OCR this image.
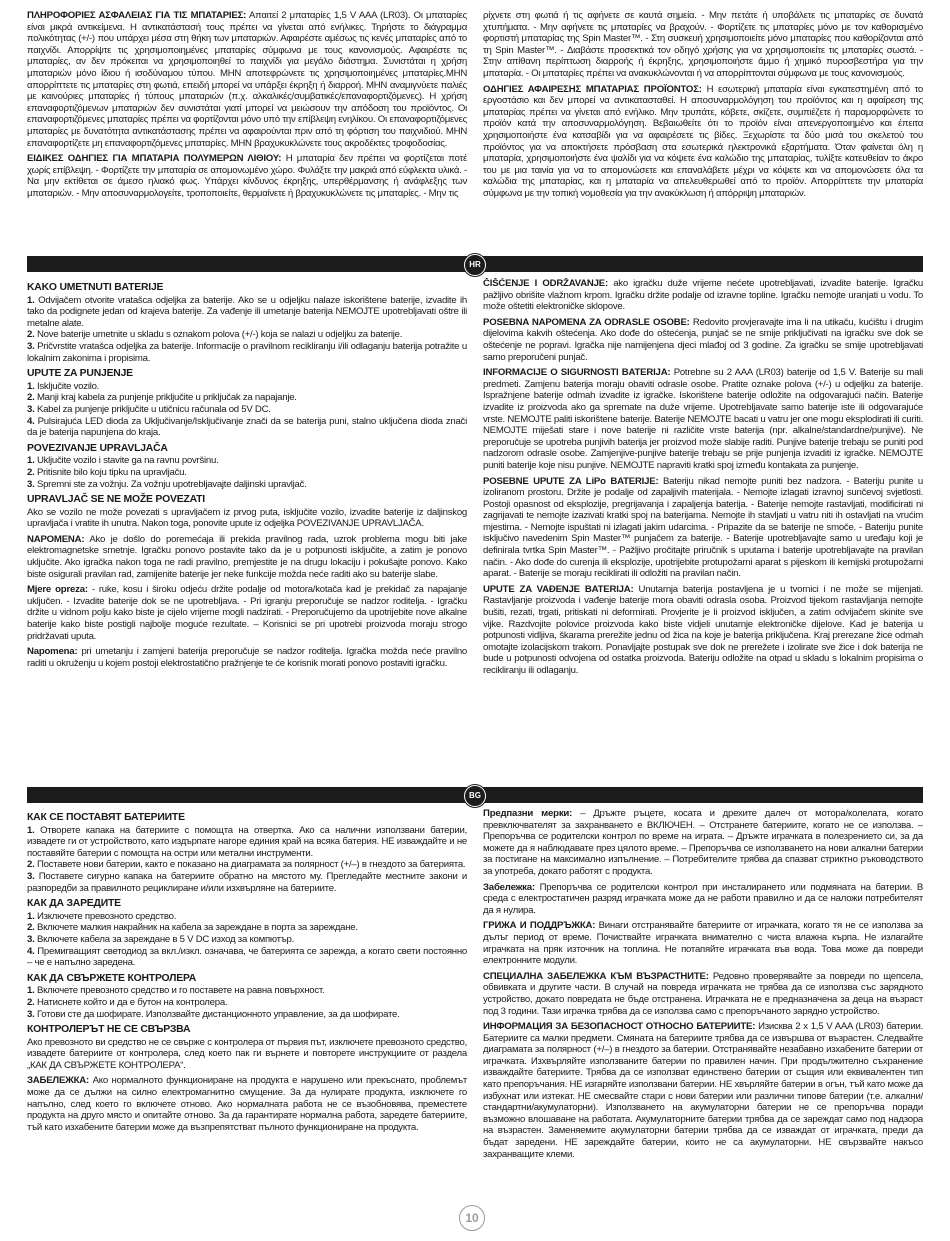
ΠΛΗΡΟΦΟΡΙΕΣ ΑΣΦΑΛΕΙΑΣ ΓΙΑ ΤΙΣ ΜΠΑΤΑΡΙΕΣ: Απαιτεί 2 μπαταρίες 1,5 V AAA (LR03). Οι μπαταρίες είναι μικρά αντικείμενα. Η αντικατάστασή τους πρέπει να γίνεται από ενήλικες. Τηρήστε το διάγραμμα πολικότητας (+/-) που υπάρχει μέσα στη θήκη των μπαταριών. Αφαιρέστε αμέσως τις κενές μπαταρίες από το παιχνίδι. Απορρίψτε τις χρησιμοποιημένες μπαταρίες σύμφωνα με τους κανονισμούς. Αφαιρέστε τις μπαταρίες, αν δεν πρόκειται να χρησιμοποιηθεί το παιχνίδι για μεγάλο διάστημα. Συνιστάται η χρήση μπαταριών μόνο ίδιου ή ισοδύναμου τύπου. ΜΗΝ αποτεφρώνετε τις χρησιμοποιημένες μπαταρίες.ΜΗΝ απορρίπτετε τις μπαταρίες στη φωτιά, επειδή μπορεί να υπάρξει έκρηξη ή διαρροή. ΜΗΝ αναμιγνύετε παλιές με καινούριες μπαταρίες ή τύπους μπαταριών (π.χ. αλκαλικές/συμβατικές/επαναφορτιζόμενες). Η χρήση επαναφορτιζόμενων μπαταριών δεν συνιστάται γιατί μπορεί να μειώσουν την απόδοση του προϊόντος. Οι επαναφορτιζόμενες μπαταρίες πρέπει να φορτίζονται μόνο υπό την επίβλεψη ενηλίκου. Οι επαναφορτιζόμενες μπαταρίες με δυνατότητα αντικατάστασης πρέπει να αφαιρούνται πριν από τη φόρτιση του παιχνιδιού. ΜΗΝ επαναφορτίζετε μη επαναφορτιζόμενες μπαταρίες. ΜΗΝ βραχυκυκλώνετε τους ακροδέκτες τροφοδοσίας.

ΕΙΔΙΚΕΣ ΟΔΗΓΙΕΣ ΓΙΑ ΜΠΑΤΑΡΙΑ ΠΟΛΥΜΕΡΩΝ ΛΙΘΙΟΥ: Η μπαταρία δεν πρέπει να φορτίζεται ποτέ χωρίς επίβλεψη. - Φορτίζετε την μπαταρία σε απομονωμένο χώρο. Φυλάξτε την μακριά από εύφλεκτα υλικά. - Να μην εκτίθεται σε άμεσο ηλιακό φως. Υπάρχει κίνδυνος έκρηξης, υπερθέρμανσης ή ανάφλεξης των μπαταριών. - Μην αποσυναρμολογείτε, τροποποιείτε, θερμαίνετε ή βραχυκυκλώνετε τις μπαταρίες. - Μην τις

ρίχνετε στη φωτιά ή τις αφήνετε σε καυτά σημεία. - Μην πετάτε ή υποβάλετε τις μπαταρίες σε δυνατά χτυπήματα. - Μην αφήνετε τις μπαταρίες να βραχούν. - Φορτίζετε τις μπαταρίες μόνο με τον καθορισμένο φορτιστή μπαταρίας της Spin Master™. - Στη συσκευή χρησιμοποιείτε μόνο μπαταρίες που καθορίζονται από τη Spin Master™. - Διαβάστε προσεκτικά τον οδηγό χρήσης για να χρησιμοποιείτε τις μπαταρίες σωστά. - Στην απίθανη περίπτωση διαρροής ή έκρηξης, χρησιμοποιήστε άμμο ή χημικό πυροσβεστήρα για την μπαταρία. - Οι μπαταρίες πρέπει να ανακυκλώνονται ή να απορρίπτονται σύμφωνα με τους κανονισμούς.

ΟΔΗΓΙΕΣ ΑΦΑΙΡΕΣΗΣ ΜΠΑΤΑΡΙΑΣ ΠΡΟΪΟΝΤΟΣ: Η εσωτερική μπαταρία είναι εγκατεστημένη από το εργοστάσιο και δεν μπορεί να αντικατασταθεί. Η αποσυναρμολόγηση του προϊόντος και η αφαίρεση της μπαταρίας πρέπει να γίνεται από ενήλικο. Μην τρυπάτε, κόβετε, σκίζετε, συμπιέζετε ή παραμορφώνετε το προϊόν κατά την αποσυναρμολόγηση. Βεβαιωθείτε ότι το προϊόν είναι απενεργοποιημένο και έπειτα χρησιμοποιήστε ένα κατσαβίδι για να αφαιρέσετε τις βίδες. Ξεχωρίστε τα δύο μισά του σκελετού του προϊόντος για να αποκτήσετε πρόσβαση στα εσωτερικά ηλεκτρονικά εξαρτήματα. Όταν φαίνεται όλη η μπαταρία, χρησιμοποιήστε ένα ψαλίδι για να κόψετε ένα καλώδιο της μπαταρίας, τυλίξτε κατευθείαν το άκρο του με μια ταινία για να το απομονώσετε και επαναλάβετε μέχρι να κόψετε και να απομονώσετε όλα τα καλώδια της μπαταρίας, και η μπαταρία να απελευθερωθεί από το προϊόν. Απορρίπτετε την μπαταρία σύμφωνα με την τοπική νομοθεσία για την ανακύκλωση ή απόρριψη μπαταριών.

HR
KAKO UMETNUTI BATERIJE

1. Odvijačem otvorite vratašca odjeljka za baterije. Ako se u odjeljku nalaze iskorištene baterije, izvadite ih tako da podignete jedan od krajeva baterije. Za vađenje ili umetanje baterija NEMOJTE upotrebljavati oštre ili metalne alate.

2. Nove baterije umetnite u skladu s oznakom polova (+/-) koja se nalazi u odjeljku za baterije.

3. Pričvrstite vratašca odjeljka za baterije. Informacije o pravilnom recikliranju i/ili odlaganju baterija potražite u lokalnim zakonima i propisima.

UPUTE ZA PUNJENJE

1. Isključite vozilo.

2. Manji kraj kabela za punjenje priključite u priključak za napajanje.

3. Kabel za punjenje priključite u utičnicu računala od 5V DC.

4. Pulsirajuća LED dioda za Uključivanje/Isključivanje znači da se baterija puni, stalno uključena dioda znači da je baterija napunjena do kraja.

POVEZIVANJE UPRAVLJAČA

1. Uključite vozilo i stavite ga na ravnu površinu.

2. Pritisnite bilo koju tipku na upravljaču.

3. Spremni ste za vožnju. Za vožnju upotrebljavajte daljinski upravljač.

UPRAVLJAČ SE NE MOŽE POVEZATI

Ako se vozilo ne može povezati s upravljačem iz prvog puta, isključite vozilo, izvadite baterije iz daljinskog upravljača i vratite ih unutra. Nakon toga, ponovite upute iz odjeljka POVEZIVANJE UPRAVLJAČA.

NAPOMENA: Ako je došlo do poremećaja ili prekida pravilnog rada, uzrok problema mogu biti jake elektromagnetske smetnje. Igračku ponovo postavite tako da je u potpunosti isključite, a zatim je ponovo uključite. Ako igračka nakon toga ne radi pravilno, premjestite je na drugu lokaciju i pokušajte ponovo. Kako biste osigurali pravilan rad, zamijenite baterije jer neke funkcije možda neće raditi ako su baterije slabe.

Mjere opreza: - ruke, kosu i široku odjeću držite podalje od motora/kotača kad je prekidač za napajanje uključen. - Izvadite baterije dok se ne upotrebljava. - Pri igranju preporučuje se nadzor roditelja. - Igračku držite u vidnom polju kako biste je cijelo vrijeme mogli nadzirati. - Preporučujemo da upotrijebite nove alkalne baterije kako biste postigli najbolje moguće rezultate. – Korisnici se pri upotrebi proizvoda moraju strogo pridržavati uputa.

Napomena: pri umetanju i zamjeni baterija preporučuje se nadzor roditelja. Igračka možda neće pravilno raditi u okruženju u kojem postoji elektrostatično pražnjenje te će korisnik morati ponovo postaviti igračku.

ČIŠĆENJE I ODRŽAVANJE: ako igračku duže vrijeme nećete upotrebljavati, izvadite baterije. Igračku pažljivo obrišite vlažnom krpom. Igračku držite podalje od izravne topline. Igračku nemojte uranjati u vodu. To može oštetiti elektroničke sklopove.

POSEBNA NAPOMENA ZA ODRASLE OSOBE: Redovito provjeravajte ima li na utikaču, kućištu i drugim dijelovima kakvih oštećenja. Ako dođe do oštećenja, punjač se ne smije priključivati na igračku sve dok se oštećenje ne popravi. Igračka nije namijenjena djeci mlađoj od 3 godine. Za igračku se smije upotrebljavati samo preporučeni punjač.

INFORMACIJE O SIGURNOSTI BATERIJA: Potrebne su 2 AAA (LR03) baterije od 1,5 V. Baterije su mali predmeti. Zamjenu baterija moraju obaviti odrasle osobe. Pratite oznake polova (+/-) u odjeljku za baterije. Ispražnjene baterije odmah izvadite iz igračke. Iskorištene baterije odložite na odgovarajući način. Baterije izvadite iz proizvoda ako ga spremate na duže vrijeme. Upotrebljavate samo baterije iste ili odgovarajuće vrste. NEMOJTE paliti iskorištene baterije. Baterije NEMOJTE bacati u vatru jer one mogu eksplodirati ili curiti. NEMOJTE miješati stare i nove baterije ni različite vrste baterija (npr. alkalne/standardne/punjive). Ne preporučuje se upotreba punjivih baterija jer proizvod može slabije raditi. Punjive baterije trebaju se puniti pod nadzorom odrasle osobe. Zamjenjive-punjive baterije trebaju se prije punjenja izvaditi iz igračke. NEMOJTE puniti baterije koje nisu punjive. NEMOJTE napraviti kratki spoj između kontakata za punjenje.

POSEBNE UPUTE ZA LiPo BATERIJE: Bateriju nikad nemojte puniti bez nadzora. - Bateriju punite u izoliranom prostoru. Držite je podalje od zapaljivih materijala. - Nemojte izlagati izravnoj sunčevoj svjetlosti. Postoji opasnost od eksplozije, pregrijavanja i zapaljenja baterija. - Baterije nemojte rastavljati, modificirati ni zagrijavati te nemojte izazivati kratki spoj na baterijama. Nemojte ih stavljati u vatru niti ih ostavljati na vrućim mjestima. - Nemojte ispuštati ni izlagati jakim udarcima. - Pripazite da se baterije ne smoče. - Bateriju punite isključivo navedenim Spin Master™ punjačem za baterije. - Baterije upotrebljavajte samo u uređaju koji je definirala tvrtka Spin Master™. - Pažljivo pročitajte priručnik s uputama i baterije upotrebljavajte na pravilan način. - Ako dođe do curenja ili eksplozije, upotrijebite protupožarni aparat s pijeskom ili kemijski protupožarni aparat. - Baterije se moraju reciklirati ili odložiti na pravilan način.

UPUTE ZA VAĐENJE BATERIJA: Unutarnja baterija postavljena je u tvornici i ne može se mijenjati. Rastavljanje proizvoda i vađenje baterije mora obaviti odrasla osoba. Proizvod tijekom rastavljanja nemojte bušiti, rezati, trgati, pritiskati ni deformirati. Provjerite je li proizvod isključen, a zatim odvijačem skinite sve vijke. Razdvojite polovice proizvoda kako biste vidjeli unutarnje elektroničke dijelove. Kad je baterija u potpunosti vidljiva, škarama prerežite jednu od žica na koje je baterija priključena. Kraj prerezane žice odmah omotajte izolacijskom trakom. Ponavljajte postupak sve dok ne prerežete i izolirate sve žice i dok baterija ne bude u potpunosti odvojena od ostatka proizvoda. Bateriju odložite na otpad u skladu s lokalnim propisima o recikliranju ili odlaganju.

BG
КАК СЕ ПОСТАВЯТ БАТЕРИИТЕ

1. Отворете капака на батериите с помощта на отвертка. Ако са налични използвани батерии, извадете ги от устройството, като издърпате нагоре единия край на всяка батерия. НЕ изваждайте и не поставяйте батерии с помощта на остри или метални инструменти.

2. Поставете нови батерии, както е показано на диаграмата за полярност (+/–) в гнездото за батерията.

3. Поставете сигурно капака на батериите обратно на мястото му. Прегледайте местните закони и разпоредби за правилното рециклиране и/или изхвърляне на батериите.

КАК ДА ЗАРЕДИТЕ

1. Изключете превозното средство.

2. Включете малкия накрайник на кабела за зареждане в порта за зареждане.

3. Включете кабела за зареждане в 5 V DC изход за компютър.

4. Премигващият светодиод за вкл./изкл. означава, че батерията се зарежда, а когато свети постоянно – че е напълно заредена.

КАК ДА СВЪРЖЕТЕ КОНТРОЛЕРА

1. Включете превозното средство и го поставете на равна повърхност.

2. Натиснете който и да е бутон на контролера.

3. Готови сте да шофирате. Използвайте дистанционното управление, за да шофирате.

КОНТРОЛЕРЪТ НЕ СЕ СВЪРЗВА

Ако превозното ви средство не се свърже с контролера от първия път, изключете превозното средство, извадете батериите от контролера, след което пак ги върнете и повторете инструкциите от раздела „КАК ДА СВЪРЖЕТЕ КОНТРОЛЕРА“.

ЗАБЕЛЕЖКА: Ако нормалното функциониране на продукта е нарушено или прекъснато, проблемът може да се дължи на силно електромагнитно смущение. За да нулирате продукта, изключете го напълно, след което го включете отново. Ако нормалната работа не се възобновява, преместете продукта на друго място и опитайте отново. За да гарантирате нормална работа, заредете батериите, тъй като изхабените батерии може да възпрепятстват пълното функциониране на продукта.

Предпазни мерки: – Дръжте ръцете, косата и дрехите далеч от мотора/колелата, когато превключвателят за захранването е ВКЛЮЧЕН. – Отстранете батериите, когато не се използва. – Препоръчва се родителски контрол по време на играта. – Дръжте играчката в полезрението си, за да можете да я наблюдавате през цялото време. – Препоръчва се използването на нови алкални батерии за постигане на максимално изпълнение. – Потребителите трябва да спазват стриктно ръководството за употреба, докато работят с продукта.

Забележка: Препоръчва се родителски контрол при инсталирането или подмяната на батерии. В среда с електростатичен разряд играчката може да не работи правилно и да се наложи потребителят да я нулира.

ГРИЖА И ПОДДРЪЖКА: Винаги отстранявайте батериите от играчката, когато тя не се използва за дълъг период от време. Почиствайте играчката внимателно с чиста влажна кърпа. Не излагайте играчката на пряк източник на топлина. Не потапяйте играчката във вода. Това може да повреди електронните модули.

СПЕЦИАЛНА ЗАБЕЛЕЖКА КЪМ ВЪЗРАСТНИТЕ: Редовно проверявайте за повреди по щепсела, обвивката и другите части. В случай на повреда играчката не трябва да се използва със зарядното устройство, докато повредата не бъде отстранена. Играчката не е предназначена за деца на възраст под 3 години. Тази играчка трябва да се използва само с препоръчаното зарядно устройство.

ИНФОРМАЦИЯ ЗА БЕЗОПАСНОСТ ОТНОСНО БАТЕРИИТЕ: Изисква 2 x 1,5 V AAA (LR03) батерии. Батериите са малки предмети. Смяната на батериите трябва да се извършва от възрастен. Следвайте диаграмата за полярност (+/–) в гнездото за батерии. Отстранявайте незабавно изхабените батерии от играчката. Изхвърляйте използваните батерии по правилен начин. При продължително съхранение изваждайте батериите. Трябва да се използват единствено батерии от същия или еквивалентен тип като препоръчания. НЕ изгаряйте използвани батерии. НЕ хвърляйте батерии в огън, тъй като може да избухнат или изтекат. НЕ смесвайте стари с нови батерии или различни типове батерии (т.е. алкални/стандартни/акумулаторни). Използването на акумулаторни батерии не се препоръчва поради възможно влошаване на работата. Акумулаторните батерии трябва да се зареждат само под надзора на възрастен. Заменяемите акумулаторни батерии трябва да се изваждат от играчката, преди да бъдат заредени. НЕ зареждайте батерии, които не са акумулаторни. НЕ свързвайте накъсо захранващите клеми.

10
